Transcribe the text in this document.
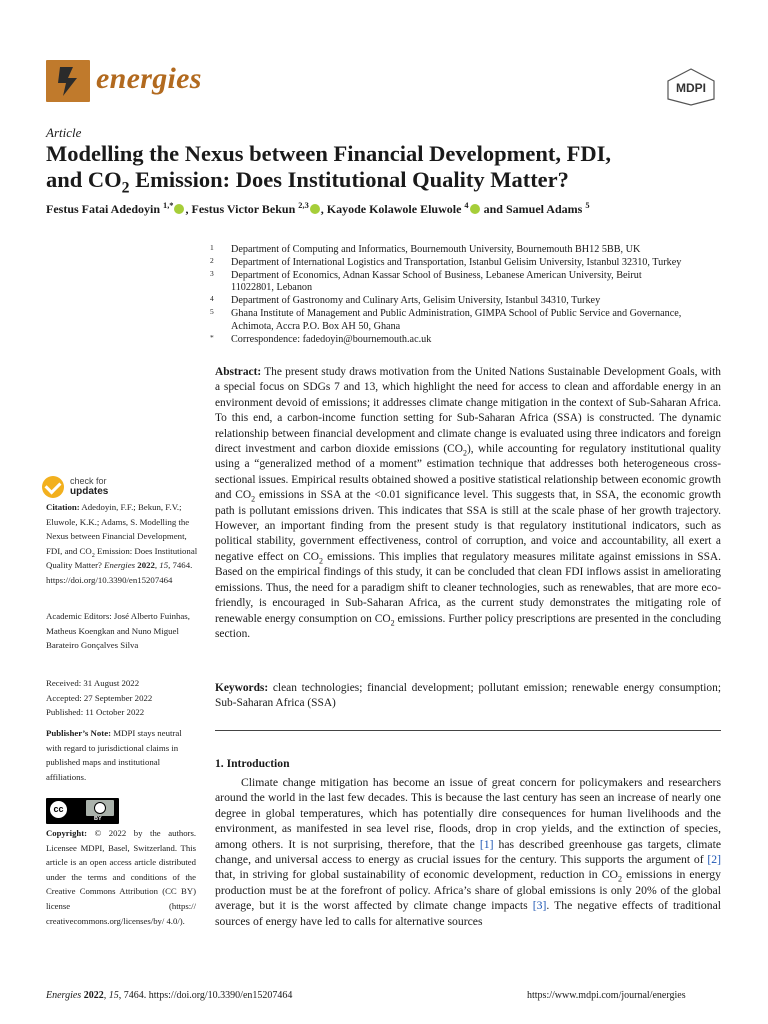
energies	MDPI
Article
Modelling the Nexus between Financial Development, FDI,
and $CO_2$ Emission: Does Institutional Quality Matter?
Festus Fatai Adedoyin $^{1,*}$ , Festus Victor Bekun $^{2,3}$ , Kayode Kolawole Eluwole $^4$ and Samuel Adams $^5$
1 Department of Computing and Informatics, Bournemouth University, Bournemouth BH12 5BB, UK
2 Department of International Logistics and Transportation, Istanbul Gelisim University, Istanbul 32310, Turkey
3 Department of Economics, Adnan Kassar School of Business, Lebanese American University, Beirut 11022801, Lebanon
4 Department of Gastronomy and Culinary Arts, Gelisim University, Istanbul 34310, Turkey
5 Ghana Institute of Management and Public Administration, GIMPA School of Public Service and Governance, Achimota, Accra P.O. Box AH 50, Ghana
* Correspondence: fadedoyin@bournemouth.ac.uk
check for
updates

Citation: Adedoyin, F.F.; Bekun, F.V.; Eluwole, K.K.; Adams, S. Modelling the Nexus between Financial Development, FDI, and $CO_2$ Emission: Does Institutional Quality Matter? Energies 2022, 15, 7464. https://doi.org/10.3390/en15207464

Academic Editors: José Alberto Fuinhas, Matheus Koengkan and Nuno Miguel Barateiro Gonçalves Silva

Received: 31 August 2022

Accepted: 27 September 2022

Published: 11 October 2022

Publisher’s Note: MDPI stays neutral with regard to jurisdictional claims in published maps and institutional affiliations.

cc
BY
Copyright: © 2022 by the authors. Licensee MDPI, Basel, Switzerland. This article is an open access article distributed under the terms and conditions of the Creative Commons Attribution (CC BY) license (https:// creativecommons.org/licenses/by/ 4.0/).
Abstract: The present study draws motivation from the United Nations Sustainable Development Goals, with a special focus on SDGs 7 and 13, which highlight the need for access to clean and affordable energy in an environment devoid of emissions; it addresses climate change mitigation in the context of Sub-Saharan Africa. To this end, a carbon-income function setting for Sub-Saharan Africa (SSA) is constructed. The dynamic relationship between financial development and climate change is evaluated using three indicators and foreign direct investment and carbon dioxide emissions $(CO_2)$, while accounting for regulatory institutional quality using a “generalized method of a moment” estimation technique that addresses both heterogeneous cross-sectional issues. Empirical results obtained showed a positive statistical relationship between economic growth and $CO_2$ emissions in SSA at the <0.01 significance level. This suggests that, in SSA, the economic growth path is pollutant emissions driven. This indicates that SSA is still at the scale phase of her growth trajectory. However, an important finding from the present study is that regulatory institutional indicators, such as political stability, government effectiveness, control of corruption, and voice and accountability, all exert a negative effect on $CO_2$ emissions. This implies that regulatory measures militate against emissions in SSA. Based on the empirical findings of this study, it can be concluded that clean FDI inflows assist in ameliorating emissions. Thus, the need for a paradigm shift to cleaner technologies, such as renewables, that are more eco-friendly, is encouraged in Sub-Saharan Africa, as the current study demonstrates the mitigating role of renewable energy consumption on $CO_2$ emissions. Further policy prescriptions are presented in the concluding section.
Keywords: clean technologies; financial development; pollutant emission; renewable energy consumption; Sub-Saharan Africa (SSA)
1. Introduction

Climate change mitigation has become an issue of great concern for policymakers and researchers around the world in the last few decades. This is because the last century has seen an increase of nearly one degree in global temperatures, which has potentially dire consequences for human livelihoods and the environment, as manifested in sea level rise, floods, drop in crop yields, and the extinction of species, among others. It is not surprising, therefore, that the [1] has described greenhouse gas targets, climate change, and universal access to energy as crucial issues for the century. This supports the argument of [2] that, in striving for global sustainability of economic development, reduction in $CO_2$ emissions in energy production must be at the forefront of policy. Africa’s share of global emissions is only 20% of the global average, but it is the worst affected by climate change impacts [3]. The negative effects of traditional sources of energy have led to calls for alternative sources

Energies 2022, 15, 7464. https://doi.org/10.3390/en15207464	https://www.mdpi.com/journal/energies
